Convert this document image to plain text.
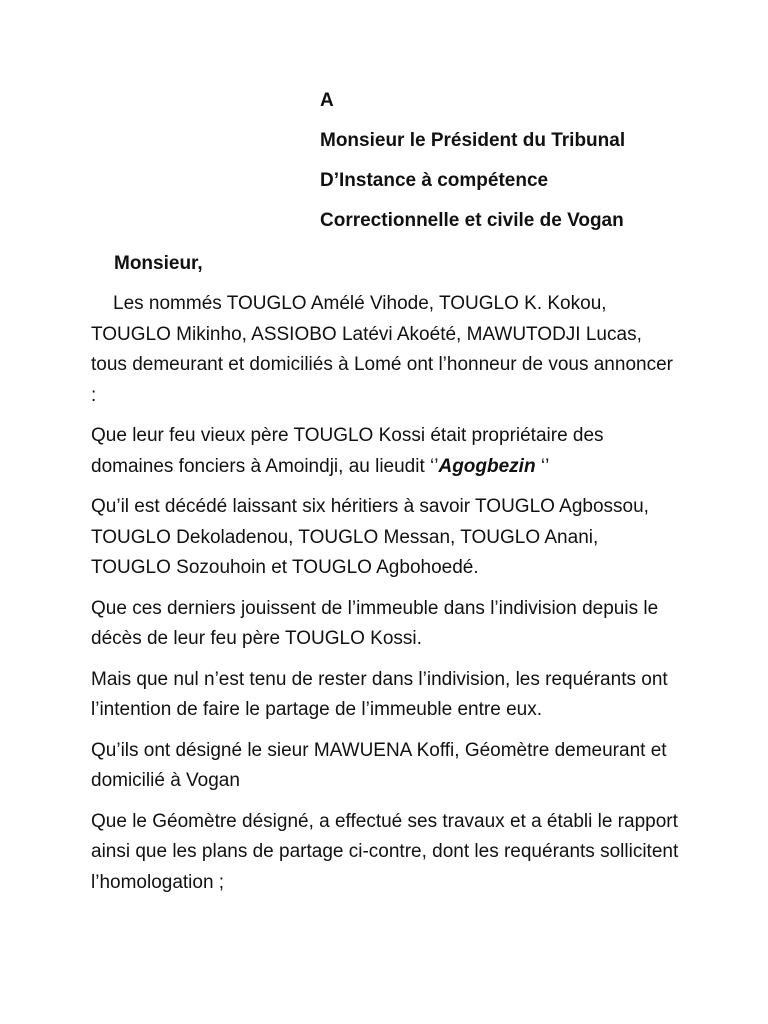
A
Monsieur le Président du Tribunal
D’Instance à compétence
Correctionnelle et civile de Vogan

Monsieur,

Les nommés TOUGLO Amélé Vihode, TOUGLO K. Kokou, TOUGLO Mikinho, ASSIOBO Latévi Akoété, MAWUTODJI Lucas, tous demeurant et domiciliés à Lomé ont l’honneur de vous annoncer :

Que leur feu vieux père TOUGLO Kossi était propriétaire des domaines fonciers à Amoindji, au lieudit ‘’Agogbezin ‘’

Qu’il est décédé laissant six héritiers à savoir TOUGLO Agbossou, TOUGLO Dekoladenou, TOUGLO Messan, TOUGLO Anani, TOUGLO Sozouhoin et TOUGLO Agbohoedé.

Que ces derniers jouissent de l’immeuble dans l’indivision depuis le décès de leur feu père TOUGLO Kossi.

Mais que nul n’est tenu de rester dans l’indivision, les requérants ont l’intention de faire le partage de l’immeuble entre eux.

Qu’ils ont désigné le sieur MAWUENA Koffi, Géomètre demeurant et domicilié à Vogan

Que le Géomètre désigné, a effectué ses travaux et a établi le rapport ainsi que les plans de partage ci-contre, dont les requérants sollicitent l’homologation ;
